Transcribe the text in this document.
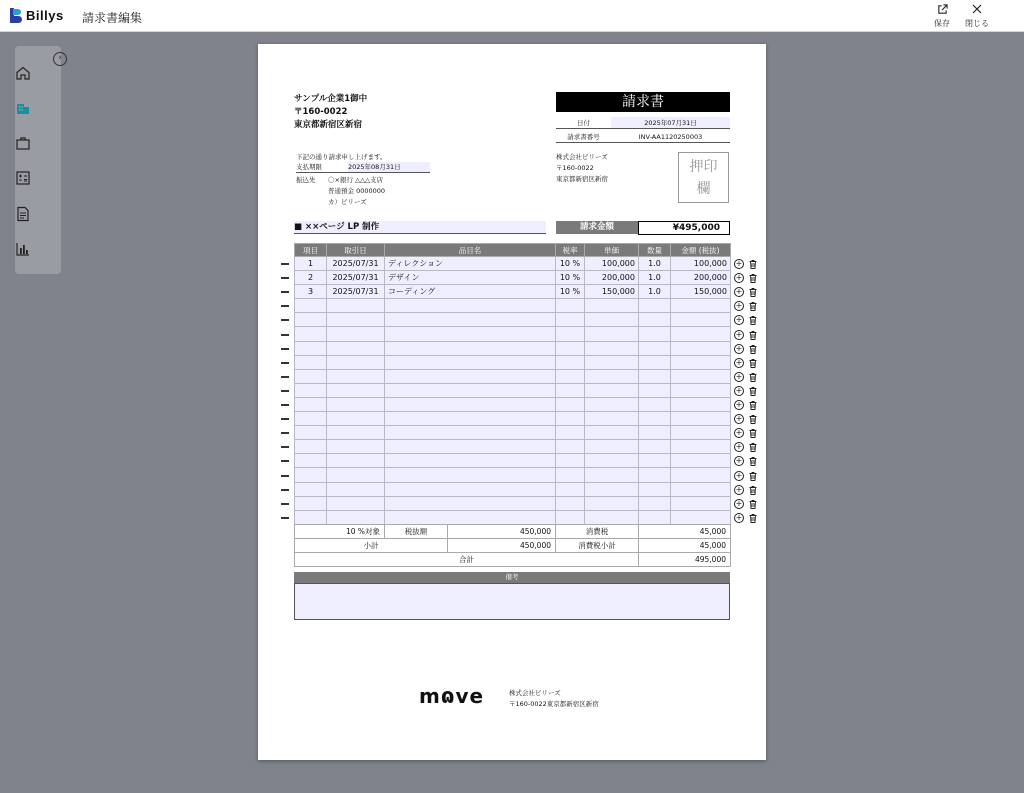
Billys 請求書編集	保存	閉じる
›
サンプル企業1御中
〒160-0022
東京都新宿区新宿
請求書
日付	2025年07月31日
請求書番号	INV-AA1120250003
下記の通り請求申し上げます。
支払期限	2025年08月31日
振込先 〇×銀行 △△△支店
普通預金 0000000
カ）ビリーズ
株式会社ビリーズ
〒160-0022
東京都新宿区新宿
押印
欄
■ ××ページ LP 制作	請求金額	¥495,000
項目	取引日	品目名	税率	単価	数量	金額 (税抜)
1	2025/07/31	ディレクション	10 %	100,000	1.0	100,000
2	2025/07/31	デザイン	10 %	200,000	1.0	200,000
3	2025/07/31	コーディング	10 %	150,000	1.0	150,000

10 %対象	税抜額	450,000	消費税	45,000
小計		450,000	消費税小計	45,000
合計				495,000
備考
mɷve	株式会社ビリーズ
〒160-0022東京都新宿区新宿
+
+
+
+
+
+
+
+
+
+
+
+
+
+
+
+
+
+
+
